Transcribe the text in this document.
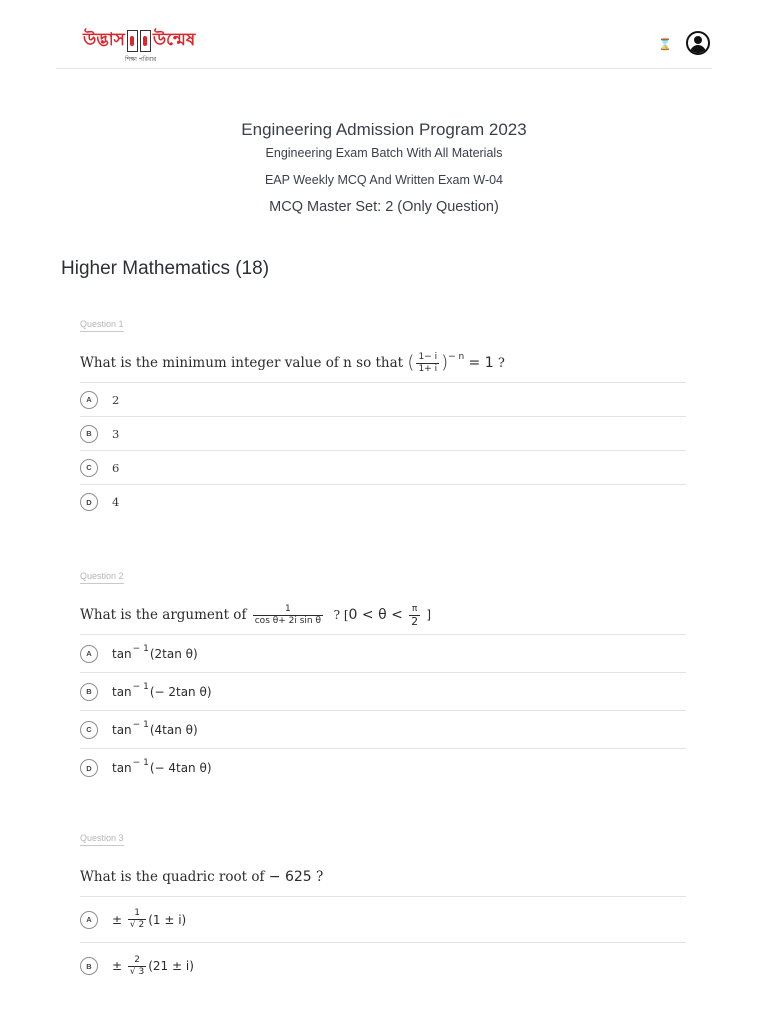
উদ্ভাস উন্মেষ
শিক্ষা পরিবার
⌛
Engineering Admission Program 2023
Engineering Exam Batch With All Materials
EAP Weekly MCQ And Written Exam W-04
MCQ Master Set: 2 (Only Question)
Higher Mathematics (18)
Question 1
What is the minimum integer value of n so that
( $\frac{1- i}{1+ i}$ ) − n
= 1
?
A	2
B	3
C	6
D	4
Question 2
What is the argument of
$\frac{1}{\text{cos θ+ 2i sin θ}}$
? [ 0 < θ <
$\frac{\pi}{2}$
]
A	tan − 1 (2tan θ)
B	tan − 1 (− 2tan θ)
C	tan − 1 (4tan θ)
D	tan − 1 (− 4tan θ)
Question 3
What is the quadric root of
− 625
?
A	±
$\frac{1}{√ 2} (1 \pm i)$
B	±
$\frac{2}{√ 3} (21 \pm i)$
